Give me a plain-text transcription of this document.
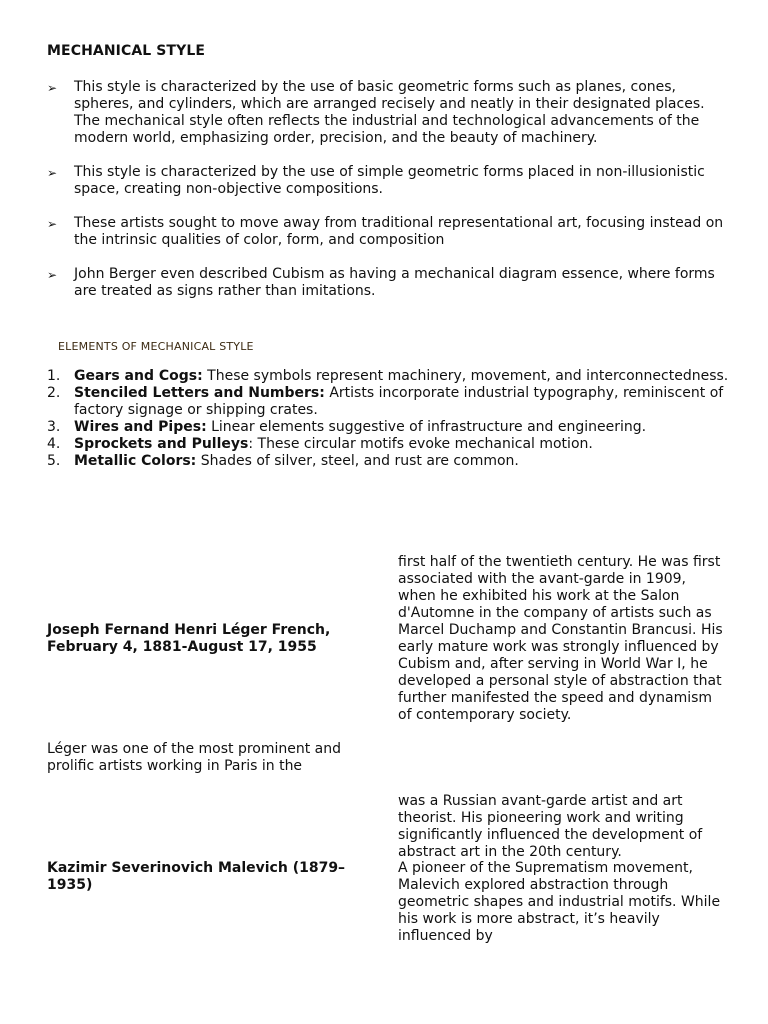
MECHANICAL STYLE
➢ This style is characterized by the use of basic geometric forms such as planes, cones, spheres, and cylinders, which are arranged recisely and neatly in their designated places. The mechanical style often reflects the industrial and technological advancements of the modern world, emphasizing order, precision, and the beauty of machinery.
➢ This style is characterized by the use of simple geometric forms placed in non-illusionistic space, creating non-objective compositions.
➢ These artists sought to move away from traditional representational art, focusing instead on the intrinsic qualities of color, form, and composition
➢ John Berger even described Cubism as having a mechanical diagram essence, where forms are treated as signs rather than imitations.
ELEMENTS OF MECHANICAL STYLE
1. Gears and Cogs: These symbols represent machinery, movement, and interconnectedness.
2. Stenciled Letters and Numbers: Artists incorporate industrial typography, reminiscent of factory signage or shipping crates.
3. Wires and Pipes: Linear elements suggestive of infrastructure and engineering.
4. Sprockets and Pulleys: These circular motifs evoke mechanical motion.
5. Metallic Colors: Shades of silver, steel, and rust are common.
Joseph Fernand Henri Léger French, February 4, 1881-August 17, 1955

Léger was one of the most prominent and prolific artists working in Paris in the

first half of the twentieth century. He was first associated with the avant-garde in 1909, when he exhibited his work at the Salon d'Automne in the company of artists such as Marcel Duchamp and Constantin Brancusi. His early mature work was strongly influenced by Cubism and, after serving in World War I, he developed a personal style of abstraction that further manifested the speed and dynamism of contemporary society.

Kazimir Severinovich Malevich (1879–1935)

was a Russian avant-garde artist and art theorist. His pioneering work and writing significantly influenced the development of abstract art in the 20th century.

A pioneer of the Suprematism movement, Malevich explored abstraction through geometric shapes and industrial motifs. While his work is more abstract, it’s heavily influenced by
